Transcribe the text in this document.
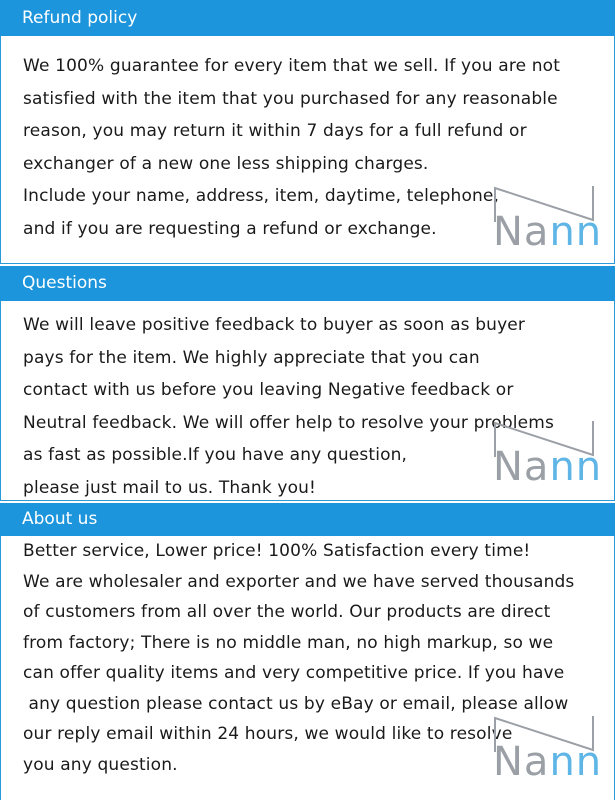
Refund policy
We 100% guarantee for every item that we sell. If you are not
satisfied with the item that you purchased for any reasonable
reason, you may return it within 7 days for a full refund or
exchanger of a new one less shipping charges.
Include your name, address, item, daytime, telephone,
and if you are requesting a refund or exchange.	Nann
Questions
We will leave positive feedback to buyer as soon as buyer
pays for the item. We highly appreciate that you can
contact with us before you leaving Negative feedback or
Neutral feedback. We will offer help to resolve your problems
as fast as possible.If you have any question,
please just mail to us. Thank you!	Nann
About us
Better service, Lower price! 100% Satisfaction every time!
We are wholesaler and exporter and we have served thousands
of customers from all over the world. Our products are direct
from factory; There is no middle man, no high markup, so we
can offer quality items and very competitive price. If you have
any question please contact us by eBay or email, please allow
our reply email within 24 hours, we would like to resolve
you any question.	Nann
